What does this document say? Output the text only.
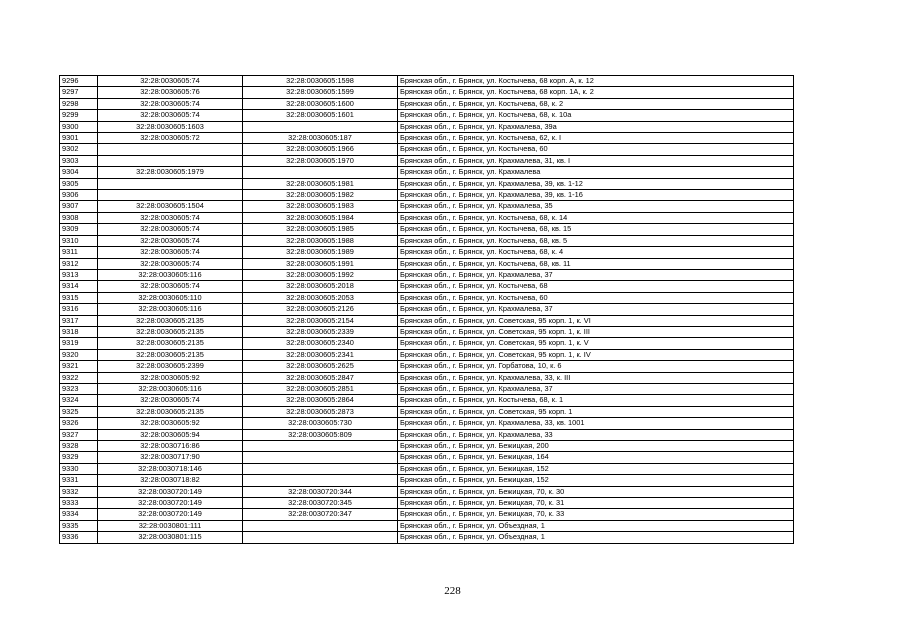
9296	32:28:0030605:74	32:28:0030605:1598	Брянская обл., г. Брянск, ул. Костычева, 68 корп. А, к. 12
9297	32:28:0030605:76	32:28:0030605:1599	Брянская обл., г. Брянск, ул. Костычева, 68 корп. 1А, к. 2
9298	32:28:0030605:74	32:28:0030605:1600	Брянская обл., г. Брянск, ул. Костычева, 68, к. 2
9299	32:28:0030605:74	32:28:0030605:1601	Брянская обл., г. Брянск, ул. Костычева, 68, к. 10а
9300	32:28:0030605:1603		Брянская обл., г. Брянск, ул. Крахмалева, 39а
9301	32:28:0030605:72	32:28:0030605:187	Брянская обл., г. Брянск, ул. Костычева, 62, к. I
9302		32:28:0030605:1966	Брянская обл., г. Брянск, ул. Костычева, 60
9303		32:28:0030605:1970	Брянская обл., г. Брянск, ул. Крахмалева, 31, кв. I
9304	32:28:0030605:1979		Брянская обл., г. Брянск, ул. Крахмалева
9305		32:28:0030605:1981	Брянская обл., г. Брянск, ул. Крахмалева, 39, кв. 1-12
9306		32:28:0030605:1982	Брянская обл., г. Брянск, ул. Крахмалева, 39, кв. 1-16
9307	32:28:0030605:1504	32:28:0030605:1983	Брянская обл., г. Брянск, ул. Крахмалева, 35
9308	32:28:0030605:74	32:28:0030605:1984	Брянская обл., г. Брянск, ул. Костычева, 68, к. 14
9309	32:28:0030605:74	32:28:0030605:1985	Брянская обл., г. Брянск, ул. Костычева, 68, кв. 15
9310	32:28:0030605:74	32:28:0030605:1988	Брянская обл., г. Брянск, ул. Костычева, 68, кв. 5
9311	32:28:0030605:74	32:28:0030605:1989	Брянская обл., г. Брянск, ул. Костычева, 68, к. 4
9312	32:28:0030605:74	32:28:0030605:1991	Брянская обл., г. Брянск, ул. Костычева, 68, кв. 11
9313	32:28:0030605:116	32:28:0030605:1992	Брянская обл., г. Брянск, ул. Крахмалева, 37
9314	32:28:0030605:74	32:28:0030605:2018	Брянская обл., г. Брянск, ул. Костычева, 68
9315	32:28:0030605:110	32:28:0030605:2053	Брянская обл., г. Брянск, ул. Костычева, 60
9316	32:28:0030605:116	32:28:0030605:2126	Брянская обл., г. Брянск, ул. Крахмалева, 37
9317	32:28:0030605:2135	32:28:0030605:2154	Брянская обл., г. Брянск, ул. Советская, 95 корп. 1, к. VI
9318	32:28:0030605:2135	32:28:0030605:2339	Брянская обл., г. Брянск, ул. Советская, 95 корп. 1, к. III
9319	32:28:0030605:2135	32:28:0030605:2340	Брянская обл., г. Брянск, ул. Советская, 95 корп. 1, к. V
9320	32:28:0030605:2135	32:28:0030605:2341	Брянская обл., г. Брянск, ул. Советская, 95 корп. 1, к. IV
9321	32:28:0030605:2399	32:28:0030605:2625	Брянская обл., г. Брянск, ул. Горбатова, 10, к. 6
9322	32:28:0030605:92	32:28:0030605:2847	Брянская обл., г. Брянск, ул. Крахмалева, 33, к. III
9323	32:28:0030605:116	32:28:0030605:2851	Брянская обл., г. Брянск, ул. Крахмалева, 37
9324	32:28:0030605:74	32:28:0030605:2864	Брянская обл., г. Брянск, ул. Костычева, 68, к. 1
9325	32:28:0030605:2135	32:28:0030605:2873	Брянская обл., г. Брянск, ул. Советская, 95 корп. 1
9326	32:28:0030605:92	32:28:0030605:730	Брянская обл., г. Брянск, ул. Крахмалева, 33, кв. 1001
9327	32:28:0030605:94	32:28:0030605:809	Брянская обл., г. Брянск, ул. Крахмалева, 33
9328	32:28:0030716:86		Брянская обл., г. Брянск, ул. Бежицкая, 200
9329	32:28:0030717:90		Брянская обл., г. Брянск, ул. Бежицкая, 164
9330	32:28:0030718:146		Брянская обл., г. Брянск, ул. Бежицкая, 152
9331	32:28:0030718:82		Брянская обл., г. Брянск, ул. Бежицкая, 152
9332	32:28:0030720:149	32:28:0030720:344	Брянская обл., г. Брянск, ул. Бежицкая, 70, к. 30
9333	32:28:0030720:149	32:28:0030720:345	Брянская обл., г. Брянск, ул. Бежицкая, 70, к. 31
9334	32:28:0030720:149	32:28:0030720:347	Брянская обл., г. Брянск, ул. Бежицкая, 70, к. 33
9335	32:28:0030801:111		Брянская обл., г. Брянск, ул. Объездная, 1
9336	32:28:0030801:115		Брянская обл., г. Брянск, ул. Объездная, 1
228
